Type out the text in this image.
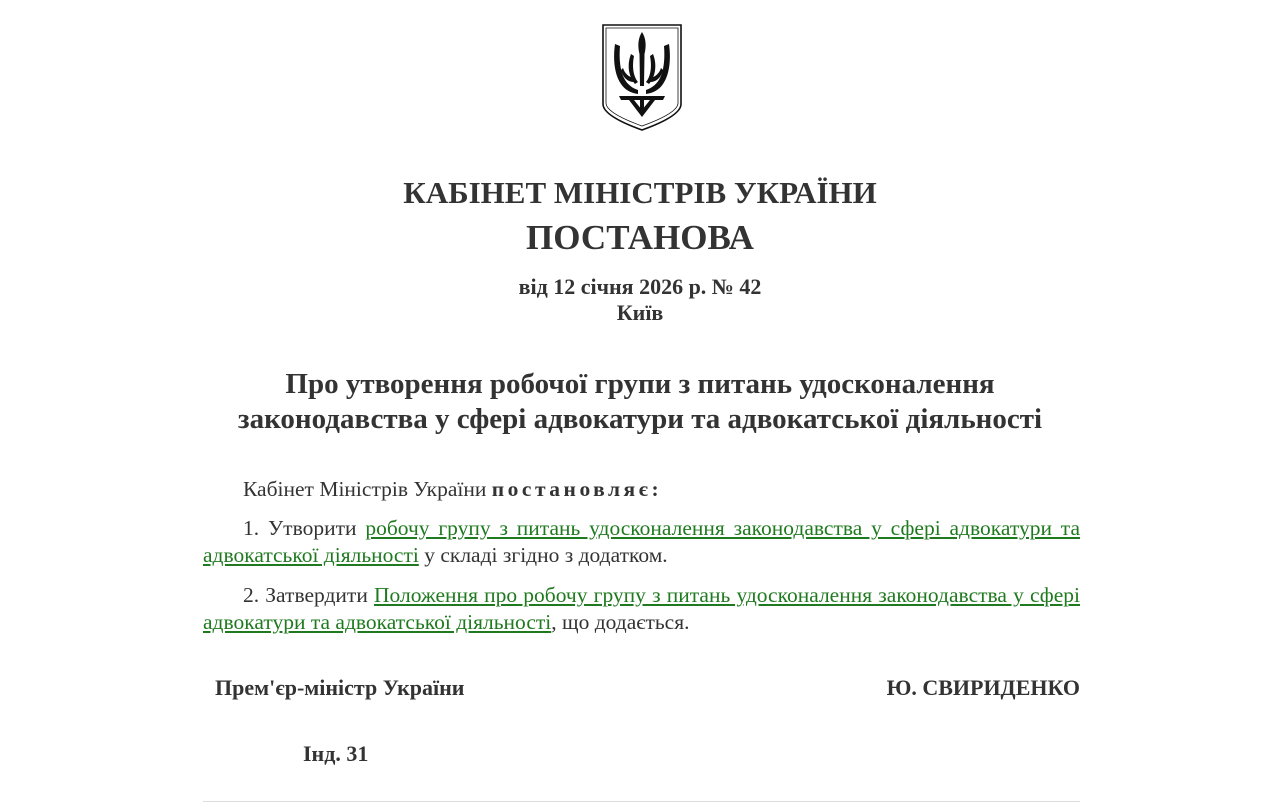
КАБІНЕТ МІНІСТРІВ УКРАЇНИ
ПОСТАНОВА
від 12 січня 2026 р. № 42
Київ
Про утворення робочої групи з питань удосконалення
законодавства у сфері адвокатури та адвокатської діяльності
Кабінет Міністрів України постановляє:
1. Утворити робочу групу з питань удосконалення законодавства у сфері адвокатури та адвокатської діяльності у складі згідно з додатком.
2. Затвердити Положення про робочу групу з питань удосконалення законодавства у сфері адвокатури та адвокатської діяльності, що додається.
Прем'єр-міністр України	Ю. СВИРИДЕНКО
Інд. 31
